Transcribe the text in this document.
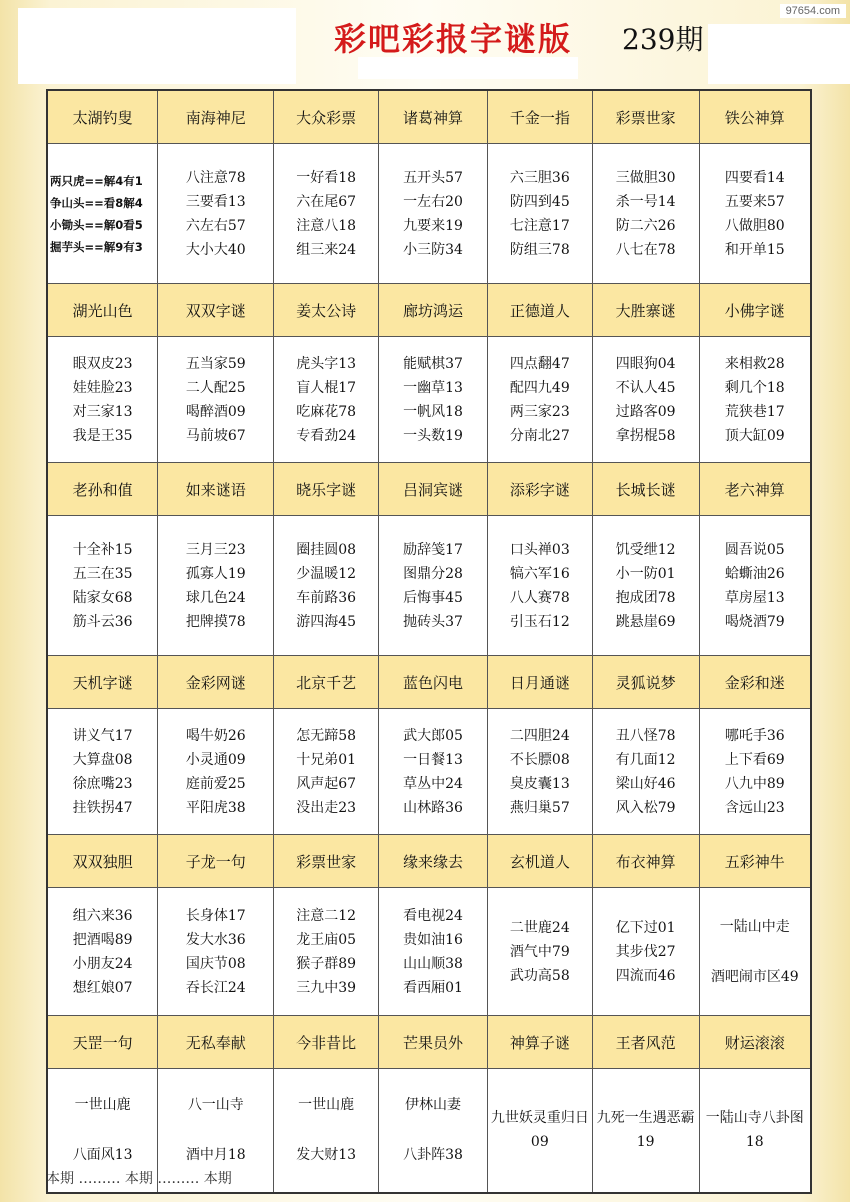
97654.com
彩吧彩报字谜版 239期
太湖钓叟	南海神尼	大众彩票	诸葛神算	千金一指	彩票世家	铁公神算

两只虎==解4有1
争山头==看8解4
小锄头==解0看5
掘芋头==解9有3	八注意78
三要看13
六左右57
大小大40	一好看18
六在尾67
注意八18
组三来24	五开头57
一左右20
九要来19
小三防34	六三胆36
防四到45
七注意17
防组三78	三做胆30
杀一号14
防二六26
八七在78	四要看14
五要来57
八做胆80
和开单15

湖光山色	双双字谜	姜太公诗	廊坊鸿运	正德道人	大胜寨谜	小佛字谜

眼双皮23
娃娃脸23
对三家13
我是王35	五当家59
二人配25
喝醉酒09
马前坡67	虎头字13
盲人棍17
吃麻花78
专看劲24	能赋棋37
一幽草13
一帆风18
一头数19	四点翻47
配四九49
两三家23
分南北27	四眼狗04
不认人45
过路客09
拿拐棍58	来相救28
剩几个18
荒狭巷17
顶大缸09

老孙和值	如来谜语	晓乐字谜	吕洞宾谜	添彩字谜	长城长谜	老六神算

十全补15
五三在35
陆家女68
筋斗云36	三月三23
孤寡人19
球几色24
把牌摸78	圈挂圆08
少温暖12
车前路36
游四海45	励辞笺17
图鼎分28
后悔事45
抛砖头37	口头禅03
犒六军16
八人赛78
引玉石12	饥受绁12
小一防01
抱成团78
跳悬崖69	圆吾说05
蛤蟖油26
草房屋13
喝烧酒79

天机字谜	金彩网谜	北京千艺	蓝色闪电	日月通谜	灵狐说梦	金彩和迷

讲义气17
大算盘08
徐庶嘴23
拄铁拐47	喝牛奶26
小灵通09
庭前爱25
平阳虎38	怎无蹄58
十兄弟01
风声起67
没出走23	武大郎05
一日餐13
草丛中24
山林路36	二四胆24
不长膘08
臭皮囊13
燕归巢57	丑八怪78
有几面12
梁山好46
风入松79	哪吒手36
上下看69
八九中89
含远山23

双双独胆	子龙一句	彩票世家	缘来缘去	玄机道人	布衣神算	五彩神牛

组六来36
把酒喝89
小朋友24
想红娘07	长身体17
发大水36
国庆节08
吞长江24	注意二12
龙王庙05
猴子群89
三九中39	看电视24
贵如油16
山山顺38
看西厢01	二世鹿24
酒气中79
武功高58	亿下过01
其步伐27
四流而46	一陆山中走
酒吧闹市区49

天罡一句	无私奉献	今非昔比	芒果员外	神算子谜	王者风范	财运滚滚

一世山鹿
八面风13	八一山寺
酒中月18	一世山鹿
发大财13	伊林山妻
八卦阵38	九世妖灵重归日09	九死一生遇恶霸19	一陆山寺八卦图18
本期 ……… 本期 ……… 本期
